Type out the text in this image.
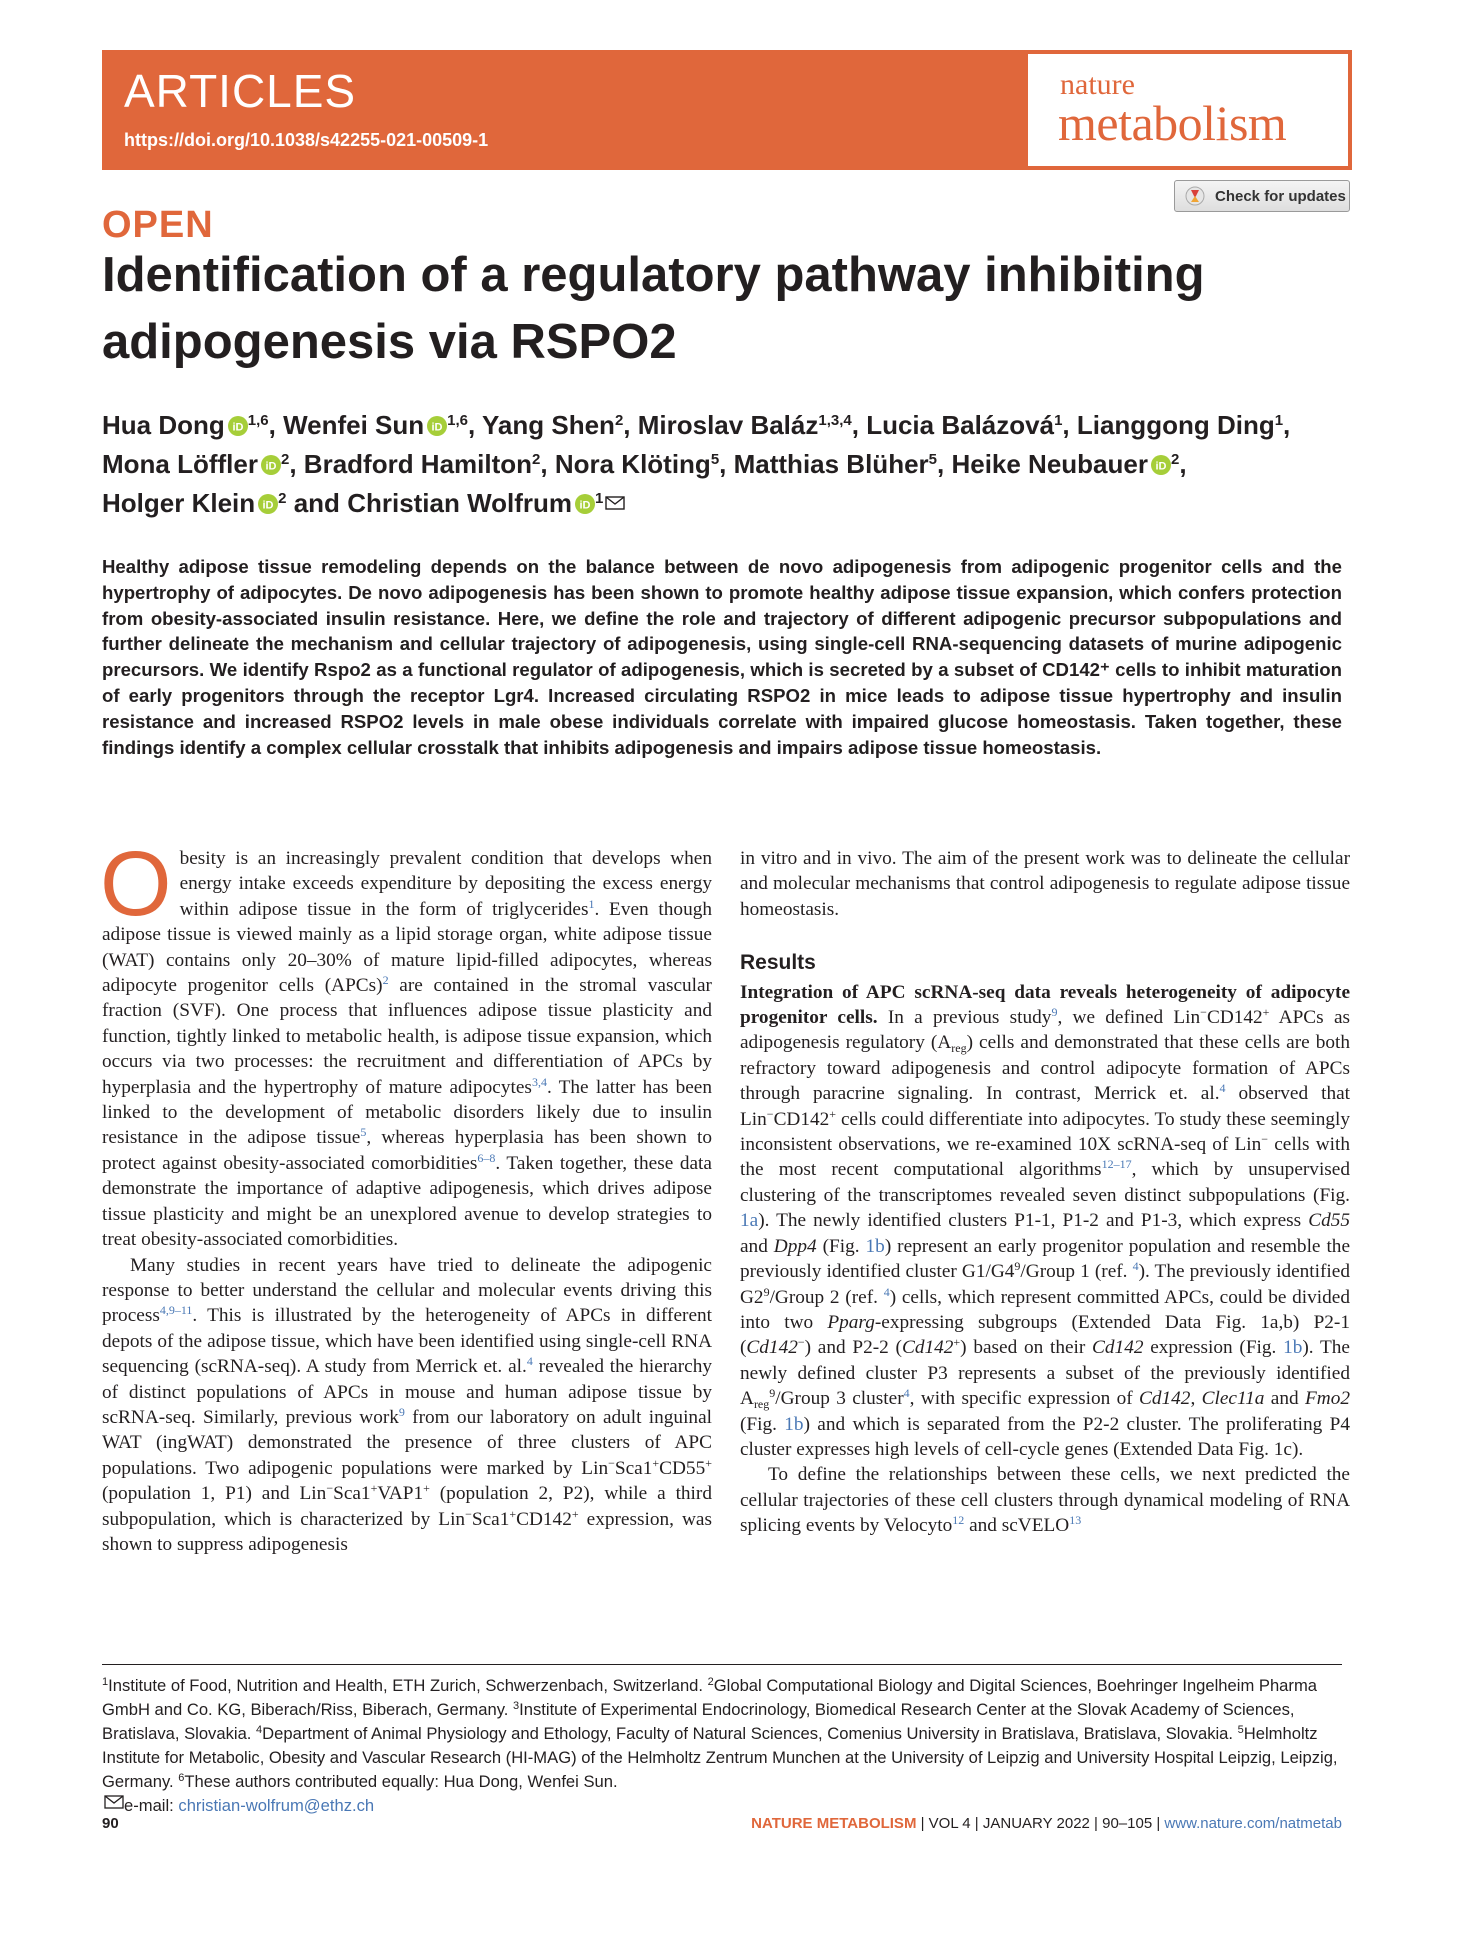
ARTICLES
https://doi.org/10.1038/s42255-021-00509-1
nature
metabolism
Check for updates
OPEN
Identification of a regulatory pathway inhibiting adipogenesis via RSPO2
Hua Dong iD $^{1,6}$, Wenfei Sun iD $^{1,6}$, Yang Shen$^2$, Miroslav Baláz$^{1,3,4}$, Lucia Balázová$^1$, Lianggong Ding$^1$,
Mona Löffler iD $^2$, Bradford Hamilton$^2$, Nora Klöting$^5$, Matthias Blüher$^5$, Heike Neubauer iD $^2$,
Holger Klein iD $^2$ and Christian Wolfrum iD $^1$

Healthy adipose tissue remodeling depends on the balance between de novo adipogenesis from adipogenic progenitor cells and the hypertrophy of adipocytes. De novo adipogenesis has been shown to promote healthy adipose tissue expansion, which confers protection from obesity-associated insulin resistance. Here, we define the role and trajectory of different adipogenic precursor subpopulations and further delineate the mechanism and cellular trajectory of adipogenesis, using single-cell RNA-sequencing datasets of murine adipogenic precursors. We identify Rspo2 as a functional regulator of adipogenesis, which is secreted by a subset of CD142⁺ cells to inhibit maturation of early progenitors through the receptor Lgr4. Increased circulating RSPO2 in mice leads to adipose tissue hypertrophy and insulin resistance and increased RSPO2 levels in male obese individuals correlate with impaired glucose homeostasis. Taken together, these findings identify a complex cellular crosstalk that inhibits adipogenesis and impairs adipose tissue homeostasis.

Obesity is an increasingly prevalent condition that develops when energy intake exceeds expenditure by depositing the excess energy within adipose tissue in the form of triglycerides$^1$. Even though adipose tissue is viewed mainly as a lipid storage organ, white adipose tissue (WAT) contains only 20–30% of mature lipid-filled adipocytes, whereas adipocyte progenitor cells (APCs)$^2$ are contained in the stromal vascular fraction (SVF). One process that influences adipose tissue plasticity and function, tightly linked to metabolic health, is adipose tissue expansion, which occurs via two processes: the recruitment and differentiation of APCs by hyperplasia and the hypertrophy of mature adipocytes$^{3,4}$. The latter has been linked to the development of metabolic disorders likely due to insulin resistance in the adipose tissue$^5$, whereas hyperplasia has been shown to protect against obesity-associated comorbidities$^{6-8}$. Taken together, these data demonstrate the importance of adaptive adipogenesis, which drives adipose tissue plasticity and might be an unexplored avenue to develop strategies to treat obesity-associated comorbidities.

Many studies in recent years have tried to delineate the adipogenic response to better understand the cellular and molecular events driving this process$^{4,9-11}$. This is illustrated by the heterogeneity of APCs in different depots of the adipose tissue, which have been identified using single-cell RNA sequencing (scRNA-seq). A study from Merrick et. al.$^4$ revealed the hierarchy of distinct populations of APCs in mouse and human adipose tissue by scRNA-seq. Similarly, previous work$^9$ from our laboratory on adult inguinal WAT (ingWAT) demonstrated the presence of three clusters of APC populations. Two adipogenic populations were marked by Lin−Sca1+CD55+ (population 1, P1) and Lin−Sca1+VAP1+ (population 2, P2), while a third subpopulation, which is characterized by Lin−Sca1+CD142+ expression, was shown to suppress adipogenesis

in vitro and in vivo. The aim of the present work was to delineate the cellular and molecular mechanisms that control adipogenesis to regulate adipose tissue homeostasis.

Results

Integration of APC scRNA-seq data reveals heterogeneity of adipocyte progenitor cells. In a previous study$^9$, we defined Lin−CD142+ APCs as adipogenesis regulatory $(A_{reg})$ cells and demonstrated that these cells are both refractory toward adipogenesis and control adipocyte formation of APCs through paracrine signaling. In contrast, Merrick et. al.$^4$ observed that Lin−CD142+ cells could differentiate into adipocytes. To study these seemingly inconsistent observations, we re-examined 10X scRNA-seq of Lin− cells with the most recent computational algorithms$^{12-17}$, which by unsupervised clustering of the transcriptomes revealed seven distinct subpopulations (Fig. 1a). The newly identified clusters P1-1, P1-2 and P1-3, which express Cd55 and Dpp4 (Fig. 1b) represent an early progenitor population and resemble the previously identified cluster $G1/G4^9$/Group 1 (ref. $^4$). The previously identified $G2^9$/Group 2 (ref. $^4$) cells, which represent committed APCs, could be divided into two Pparg-expressing subgroups (Extended Data Fig. 1a,b) P2-1 (Cd142−) and P2-2 (Cd142+) based on their Cd142 expression (Fig. 1b). The newly defined cluster P3 represents a subset of the previously identified $A_{reg}^9$/Group 3 cluster$^4$, with specific expression of Cd142, Clec11a and Fmo2 (Fig. 1b) and which is separated from the P2-2 cluster. The proliferating P4 cluster expresses high levels of cell-cycle genes (Extended Data Fig. 1c).

To define the relationships between these cells, we next predicted the cellular trajectories of these cell clusters through dynamical modeling of RNA splicing events by Velocyto$^{12}$ and scVELO$^{13}$

$^1$Institute of Food, Nutrition and Health, ETH Zurich, Schwerzenbach, Switzerland. $^2$Global Computational Biology and Digital Sciences, Boehringer Ingelheim Pharma GmbH and Co. KG, Biberach/Riss, Biberach, Germany. $^3$Institute of Experimental Endocrinology, Biomedical Research Center at the Slovak Academy of Sciences, Bratislava, Slovakia. $^4$Department of Animal Physiology and Ethology, Faculty of Natural Sciences, Comenius University in Bratislava, Bratislava, Slovakia. $^5$Helmholtz Institute for Metabolic, Obesity and Vascular Research (HI-MAG) of the Helmholtz Zentrum Munchen at the University of Leipzig and University Hospital Leipzig, Leipzig, Germany. $^6$These authors contributed equally: Hua Dong, Wenfei Sun.
e-mail: christian-wolfrum@ethz.ch
90	NATURE METABOLISM | VOL 4 | JANUARY 2022 | 90–105 | www.nature.com/natmetab
